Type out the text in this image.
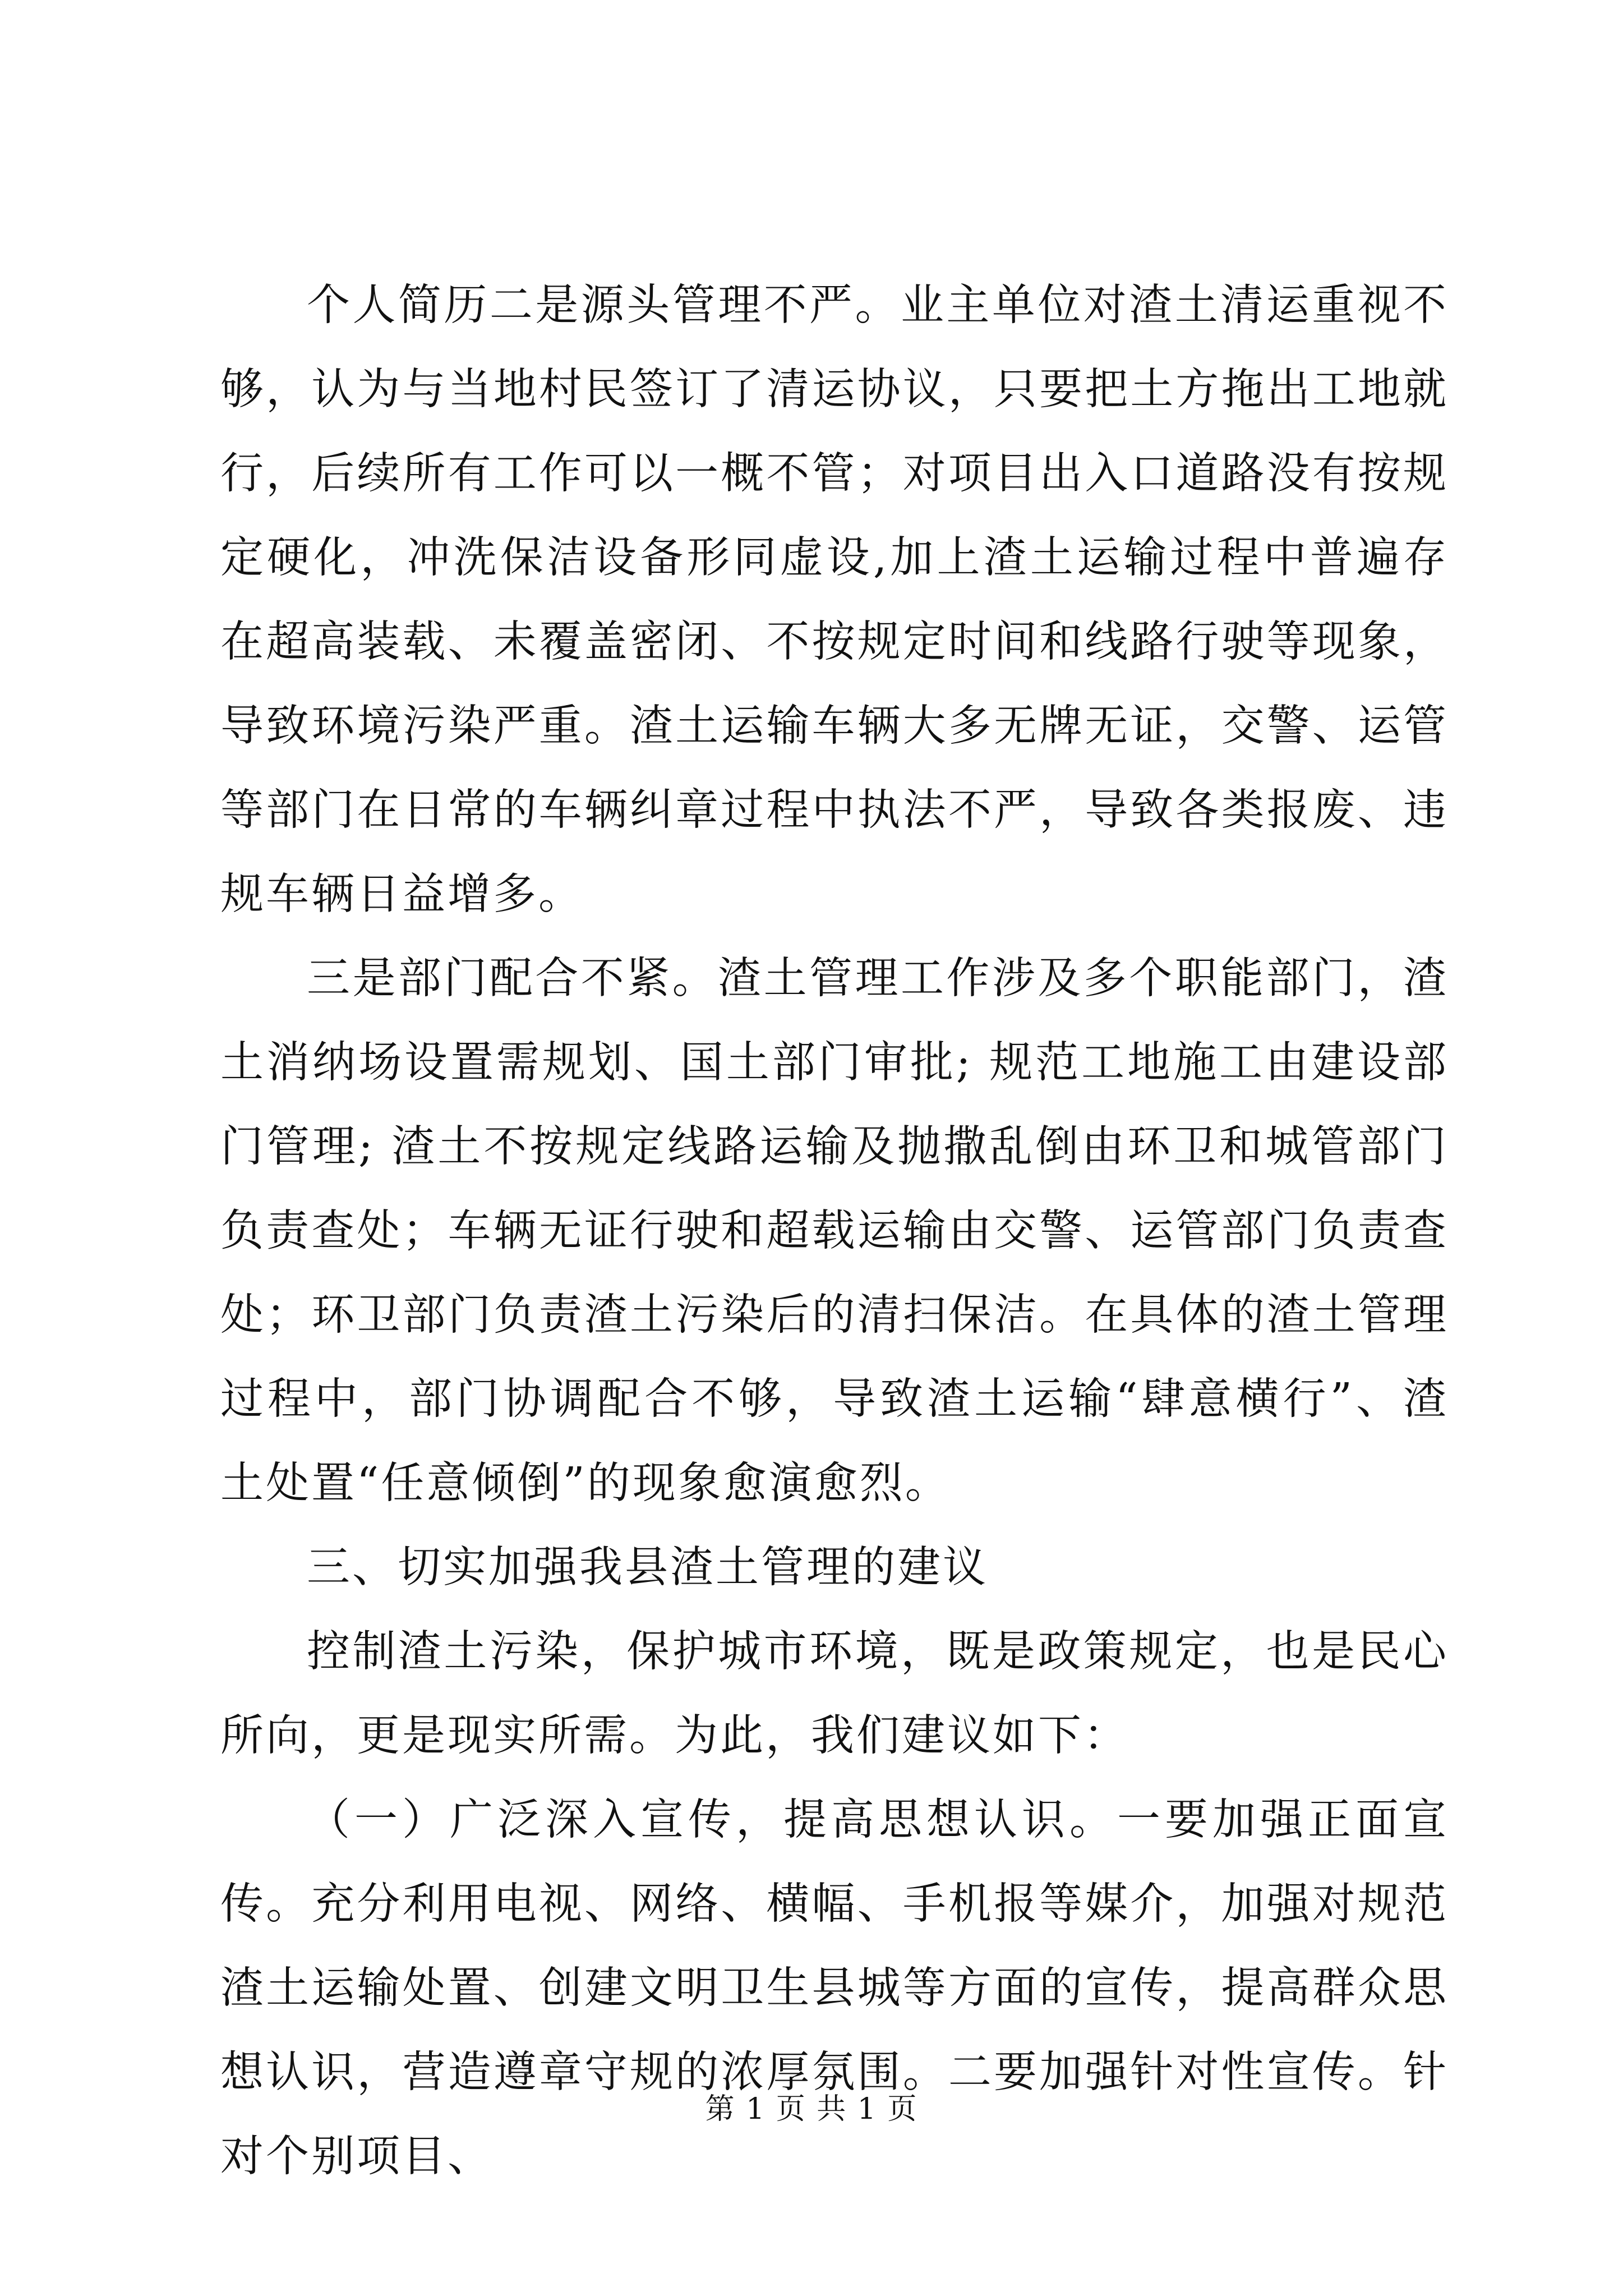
个人简历二是源头管理不严。业主单位对渣土清运重视不够，认为与当地村民签订了清运协议，只要把土方拖出工地就行，后续所有工作可以一概不管；对项目出入口道路没有按规定硬化，冲洗保洁设备形同虚设,加上渣土运输过程中普遍存在超高装载、未覆盖密闭、不按规定时间和线路行驶等现象，导致环境污染严重。渣土运输车辆大多无牌无证，交警、运管等部门在日常的车辆纠章过程中执法不严，导致各类报废、违规车辆日益增多。

三是部门配合不紧。渣土管理工作涉及多个职能部门，渣土消纳场设置需规划、国土部门审批; 规范工地施工由建设部门管理; 渣土不按规定线路运输及抛撒乱倒由环卫和城管部门负责查处；车辆无证行驶和超载运输由交警、运管部门负责查处；环卫部门负责渣土污染后的清扫保洁。在具体的渣土管理过程中，部门协调配合不够，导致渣土运输“肆意横行”、渣土处置“任意倾倒”的现象愈演愈烈。

三、切实加强我县渣土管理的建议

控制渣土污染，保护城市环境，既是政策规定，也是民心所向，更是现实所需。为此，我们建议如下：

（一）广泛深入宣传，提高思想认识。一要加强正面宣传。充分利用电视、网络、横幅、手机报等媒介，加强对规范渣土运输处置、创建文明卫生县城等方面的宣传，提高群众思想认识，营造遵章守规的浓厚氛围。二要加强针对性宣传。针对个别项目、

第 1 页 共 1 页
